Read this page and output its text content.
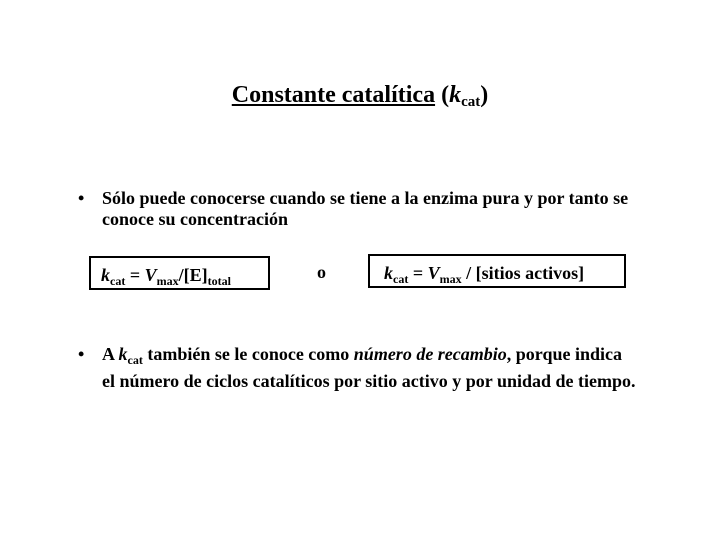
Constante catalítica $(k_{cat})$
• Sólo puede conocerse cuando se tiene a la enzima pura y por tanto se conoce su concentración
$k_{cat} = V_{max}/[E]_{total}$	o	$k_{cat} = V_{max}$ / [sitios activos]
• A $k_{cat}$ también se le conoce como número de recambio, porque indica el número de ciclos catalíticos por sitio activo y por unidad de tiempo.
